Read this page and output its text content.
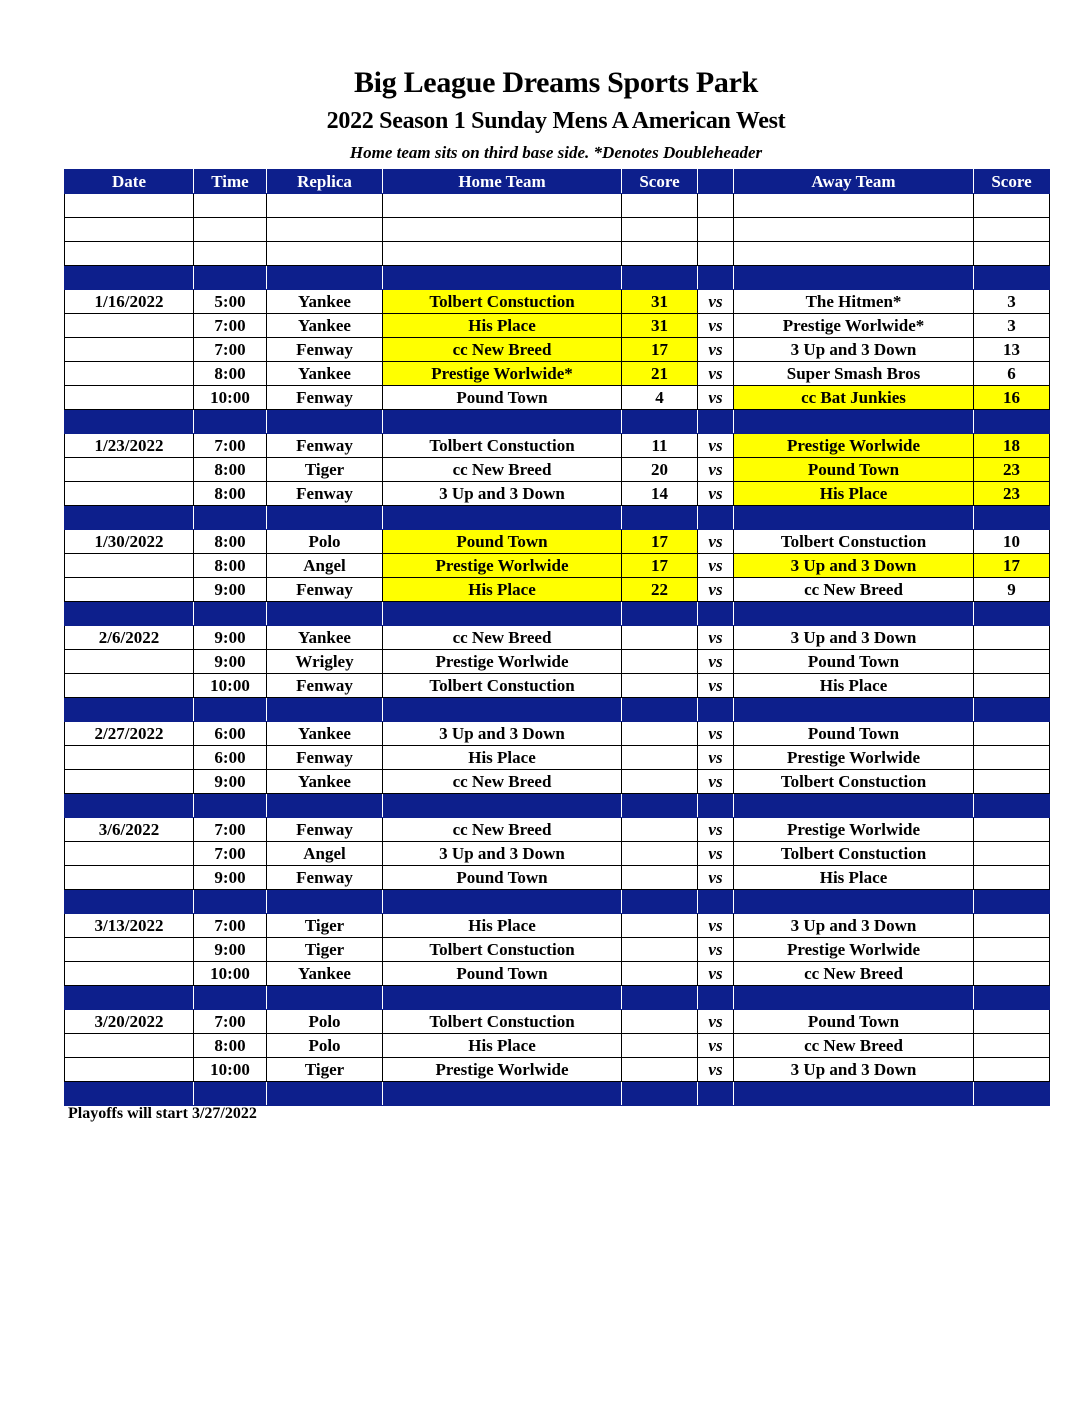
Big League Dreams Sports Park
2022 Season 1 Sunday Mens A American West
Home team sits on third base side. *Denotes Doubleheader
Date	Time	Replica	Home Team	Score		Away Team	Score

1/16/2022	5:00	Yankee	Tolbert Constuction	31	vs	The Hitmen*	3
	7:00	Yankee	His Place	31	vs	Prestige Worlwide*	3
	7:00	Fenway	cc New Breed	17	vs	3 Up and 3 Down	13
	8:00	Yankee	Prestige Worlwide*	21	vs	Super Smash Bros	6
	10:00	Fenway	Pound Town	4	vs	cc Bat Junkies	16

1/23/2022	7:00	Fenway	Tolbert Constuction	11	vs	Prestige Worlwide	18
	8:00	Tiger	cc New Breed	20	vs	Pound Town	23
	8:00	Fenway	3 Up and 3 Down	14	vs	His Place	23

1/30/2022	8:00	Polo	Pound Town	17	vs	Tolbert Constuction	10
	8:00	Angel	Prestige Worlwide	17	vs	3 Up and 3 Down	17
	9:00	Fenway	His Place	22	vs	cc New Breed	9

2/6/2022	9:00	Yankee	cc New Breed		vs	3 Up and 3 Down	
	9:00	Wrigley	Prestige Worlwide		vs	Pound Town	
	10:00	Fenway	Tolbert Constuction		vs	His Place	

2/27/2022	6:00	Yankee	3 Up and 3 Down		vs	Pound Town	
	6:00	Fenway	His Place		vs	Prestige Worlwide	
	9:00	Yankee	cc New Breed		vs	Tolbert Constuction	

3/6/2022	7:00	Fenway	cc New Breed		vs	Prestige Worlwide	
	7:00	Angel	3 Up and 3 Down		vs	Tolbert Constuction	
	9:00	Fenway	Pound Town		vs	His Place	

3/13/2022	7:00	Tiger	His Place		vs	3 Up and 3 Down	
	9:00	Tiger	Tolbert Constuction		vs	Prestige Worlwide	
	10:00	Yankee	Pound Town		vs	cc New Breed	

3/20/2022	7:00	Polo	Tolbert Constuction		vs	Pound Town	
	8:00	Polo	His Place		vs	cc New Breed	
	10:00	Tiger	Prestige Worlwide		vs	3 Up and 3 Down	

Playoffs will start 3/27/2022
